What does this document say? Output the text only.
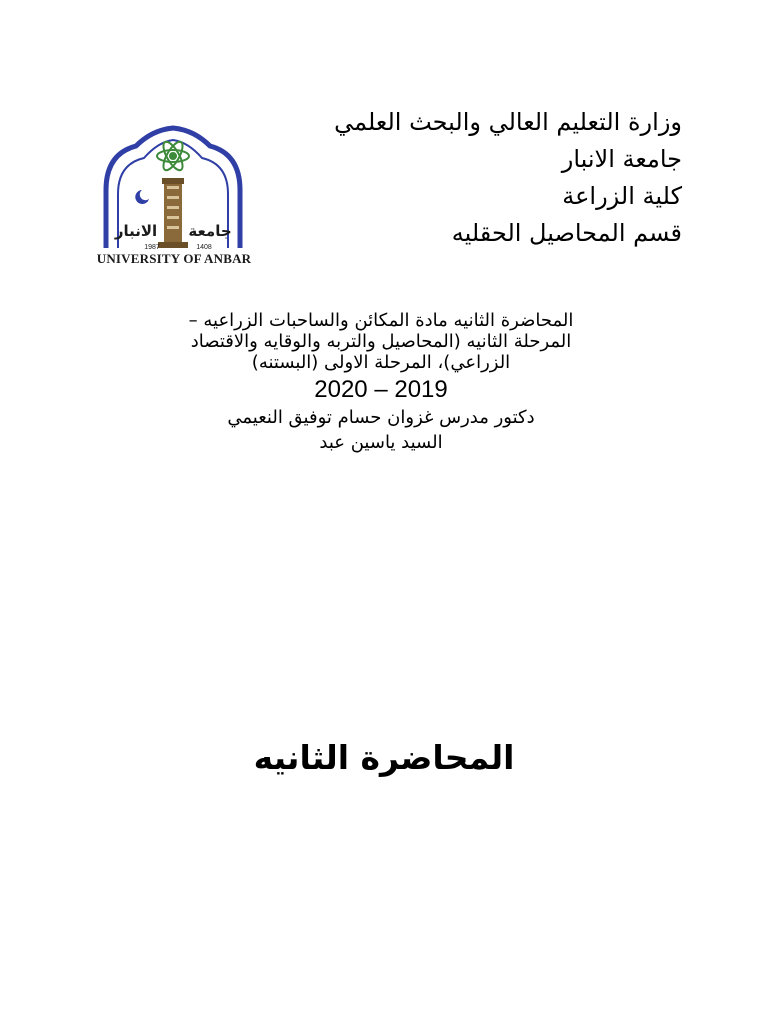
وزارة التعليم العالي والبحث العلمي
جامعة الانبار
كلية الزراعة
قسم المحاصيل الحقليه
الانبار جامعة
1987	1408
UNIVERSITY OF ANBAR
المحاضرة الثانيه مادة المكائن والساحبات الزراعيه –
المرحلة الثانيه (المحاصيل والتربه والوقايه والاقتصاد
الزراعي)، المرحلة الاولى (البستنه)
2020 – 2019
دكتور مدرس غزوان حسام توفيق النعيمي
السيد ياسين عبد
المحاضرة الثانيه
